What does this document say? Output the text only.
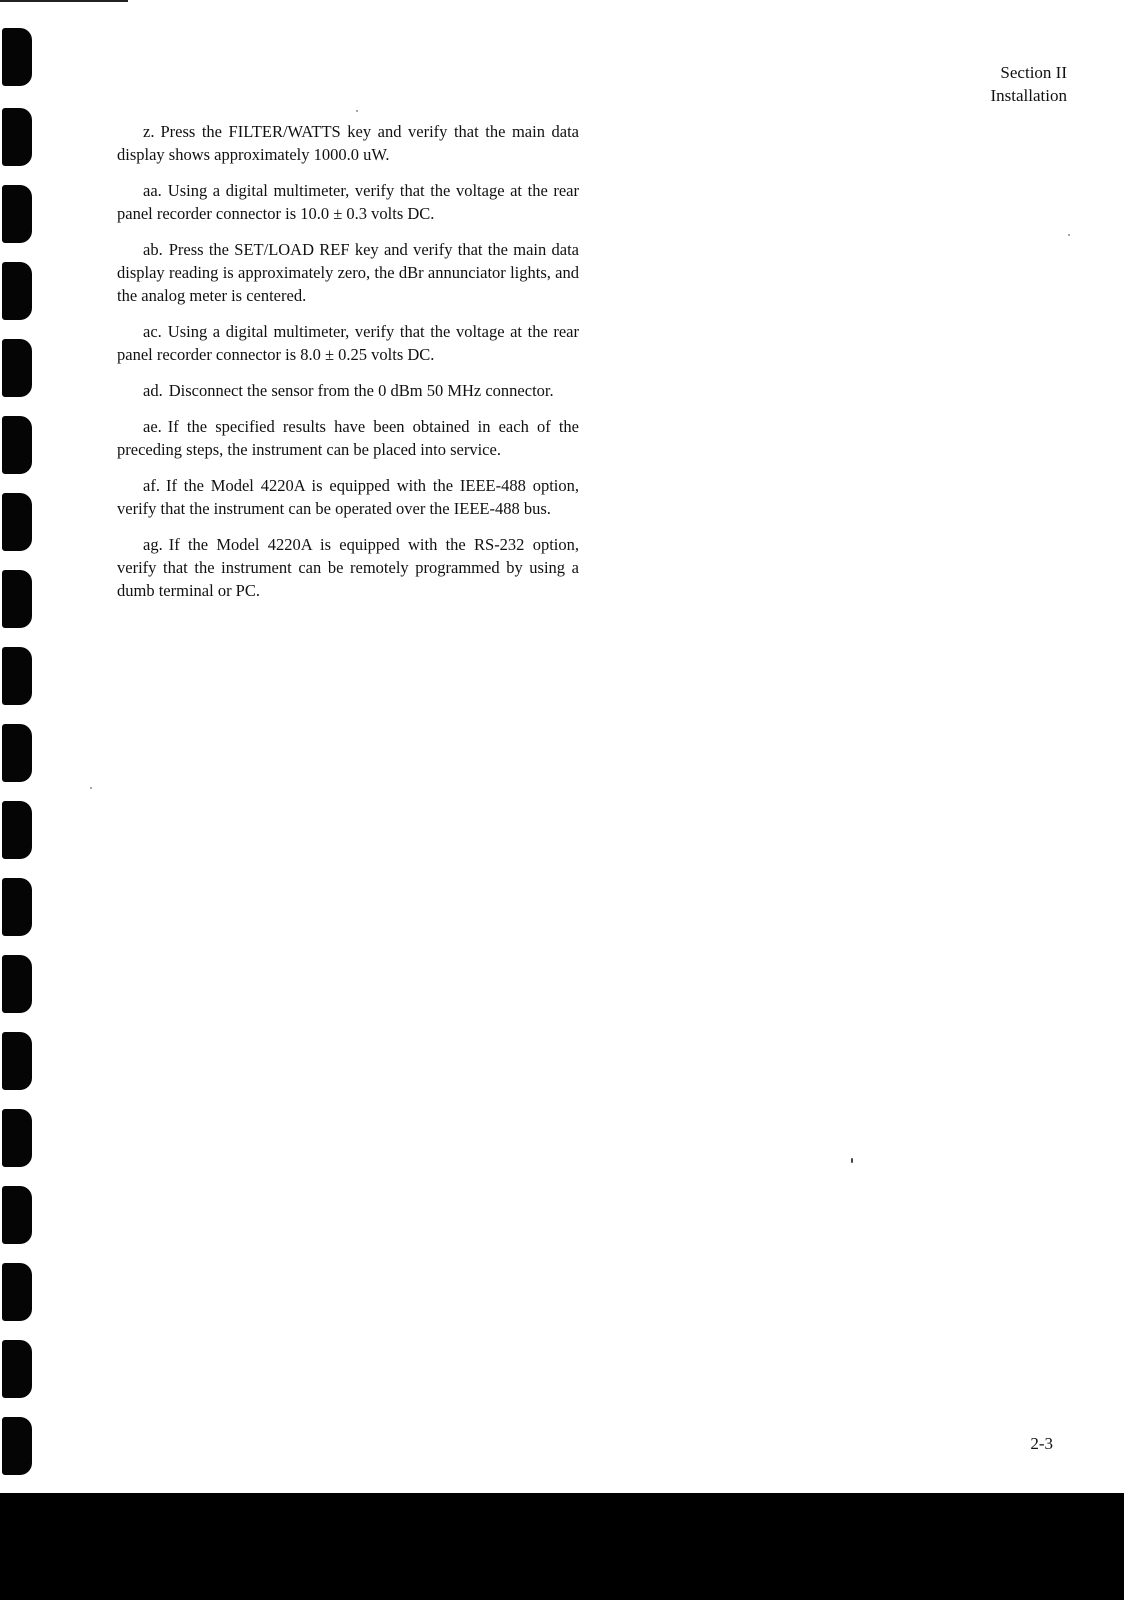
Section II
Installation

z. Press the FILTER/WATTS key and verify that the main data display shows approximately 1000.0 uW.

aa. Using a digital multimeter, verify that the voltage at the rear panel recorder connector is 10.0 ± 0.3 volts DC.

ab. Press the SET/LOAD REF key and verify that the main data display reading is approximately zero, the dBr annunciator lights, and the analog meter is centered.

ac. Using a digital multimeter, verify that the voltage at the rear panel recorder connector is 8.0 ± 0.25 volts DC.

ad. Disconnect the sensor from the 0 dBm 50 MHz connector.

ae. If the specified results have been obtained in each of the preceding steps, the instrument can be placed into service.

af. If the Model 4220A is equipped with the IEEE-488 option, verify that the instrument can be operated over the IEEE-488 bus.

ag. If the Model 4220A is equipped with the RS-232 option, verify that the instrument can be remotely programmed by using a dumb terminal or PC.

2-3
